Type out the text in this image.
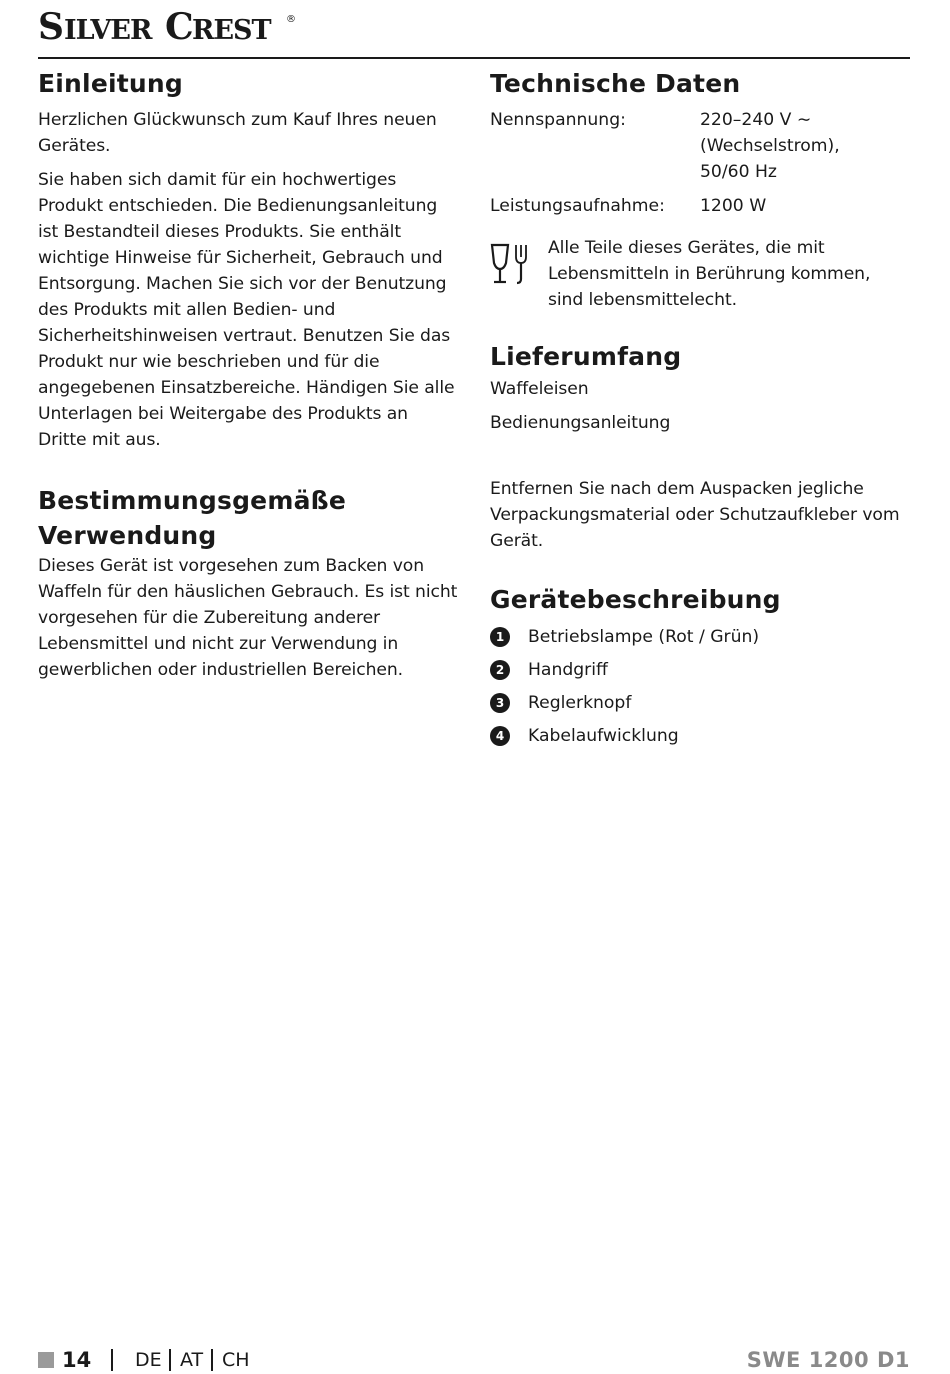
S ILVER C REST ®
Einleitung

Herzlichen Glückwunsch zum Kauf Ihres neuen Gerätes.

Sie haben sich damit für ein hochwertiges Produkt entschieden. Die Bedienungsanleitung ist Bestandteil dieses Produkts. Sie enthält wichtige Hinweise für Sicherheit, Gebrauch und Entsorgung. Machen Sie sich vor der Benutzung des Produkts mit allen Bedien- und Sicherheitshinweisen vertraut. Benutzen Sie das Produkt nur wie beschrieben und für die angegebenen Einsatzbereiche. Händigen Sie alle Unterlagen bei Weitergabe des Produkts an Dritte mit aus.

Bestimmungsgemäße
Verwendung

Dieses Gerät ist vorgesehen zum Backen von Waffeln für den häuslichen Gebrauch. Es ist nicht vorgesehen für die Zubereitung anderer Lebensmittel und nicht zur Verwendung in gewerblichen oder industriellen Bereichen.

Technische Daten
Nennspannung:	220–240 V ∼
(Wechselstrom),
50/60 Hz
Leistungsaufnahme:	1200 W

Alle Teile dieses Gerätes, die mit Lebensmitteln in Berührung kommen, sind lebensmittelecht.

Lieferumfang

Waffeleisen

Bedienungsanleitung

Entfernen Sie nach dem Auspacken jegliche Verpackungsmaterial oder Schutzaufkleber vom Gerät.

Gerätebeschreibung
1	Betriebslampe (Rot / Grün)
2	Handgriff
3	Reglerknopf
4	Kabelaufwicklung
14 DE AT CH	SWE 1200 D1
